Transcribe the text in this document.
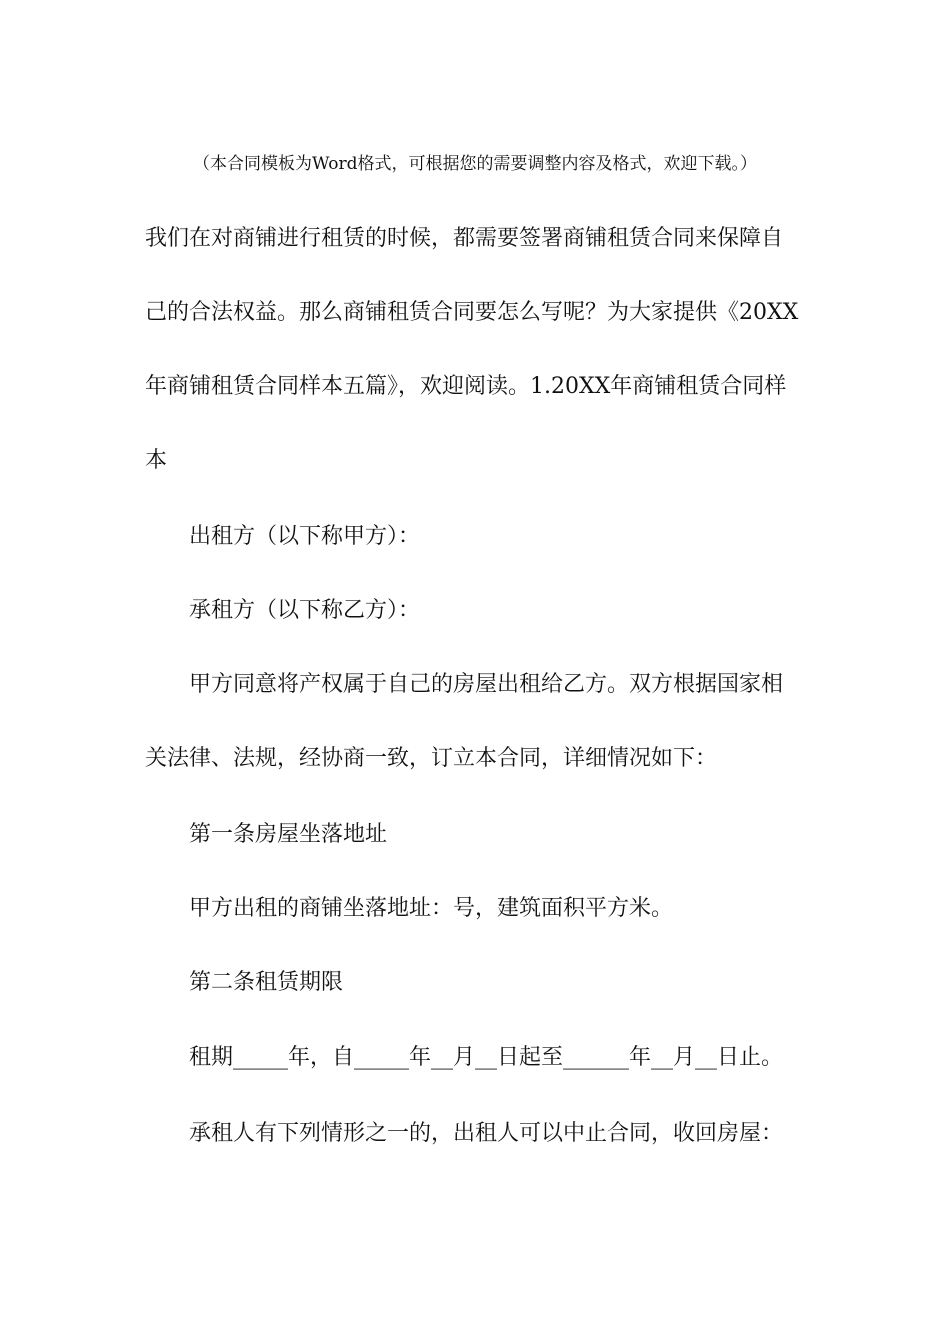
（本合同模板为Word格式，可根据您的需要调整内容及格式，欢迎下载。）
我们在对商铺进行租赁的时候，都需要签署商铺租赁合同来保障自
己的合法权益。那么商铺租赁合同要怎么写呢？为大家提供《20XX
年商铺租赁合同样本五篇》，欢迎阅读。1.20XX年商铺租赁合同样
本
出租方（以下称甲方）：
承租方（以下称乙方）：
甲方同意将产权属于自己的房屋出租给乙方。双方根据国家相
关法律、法规，经协商一致，订立本合同，详细情况如下：
第一条房屋坐落地址
甲方出租的商铺坐落地址：号，建筑面积平方米。
第二条租赁期限
租期_____年，自_____年__月__日起至______年__月__日止。
承租人有下列情形之一的，出租人可以中止合同，收回房屋：
